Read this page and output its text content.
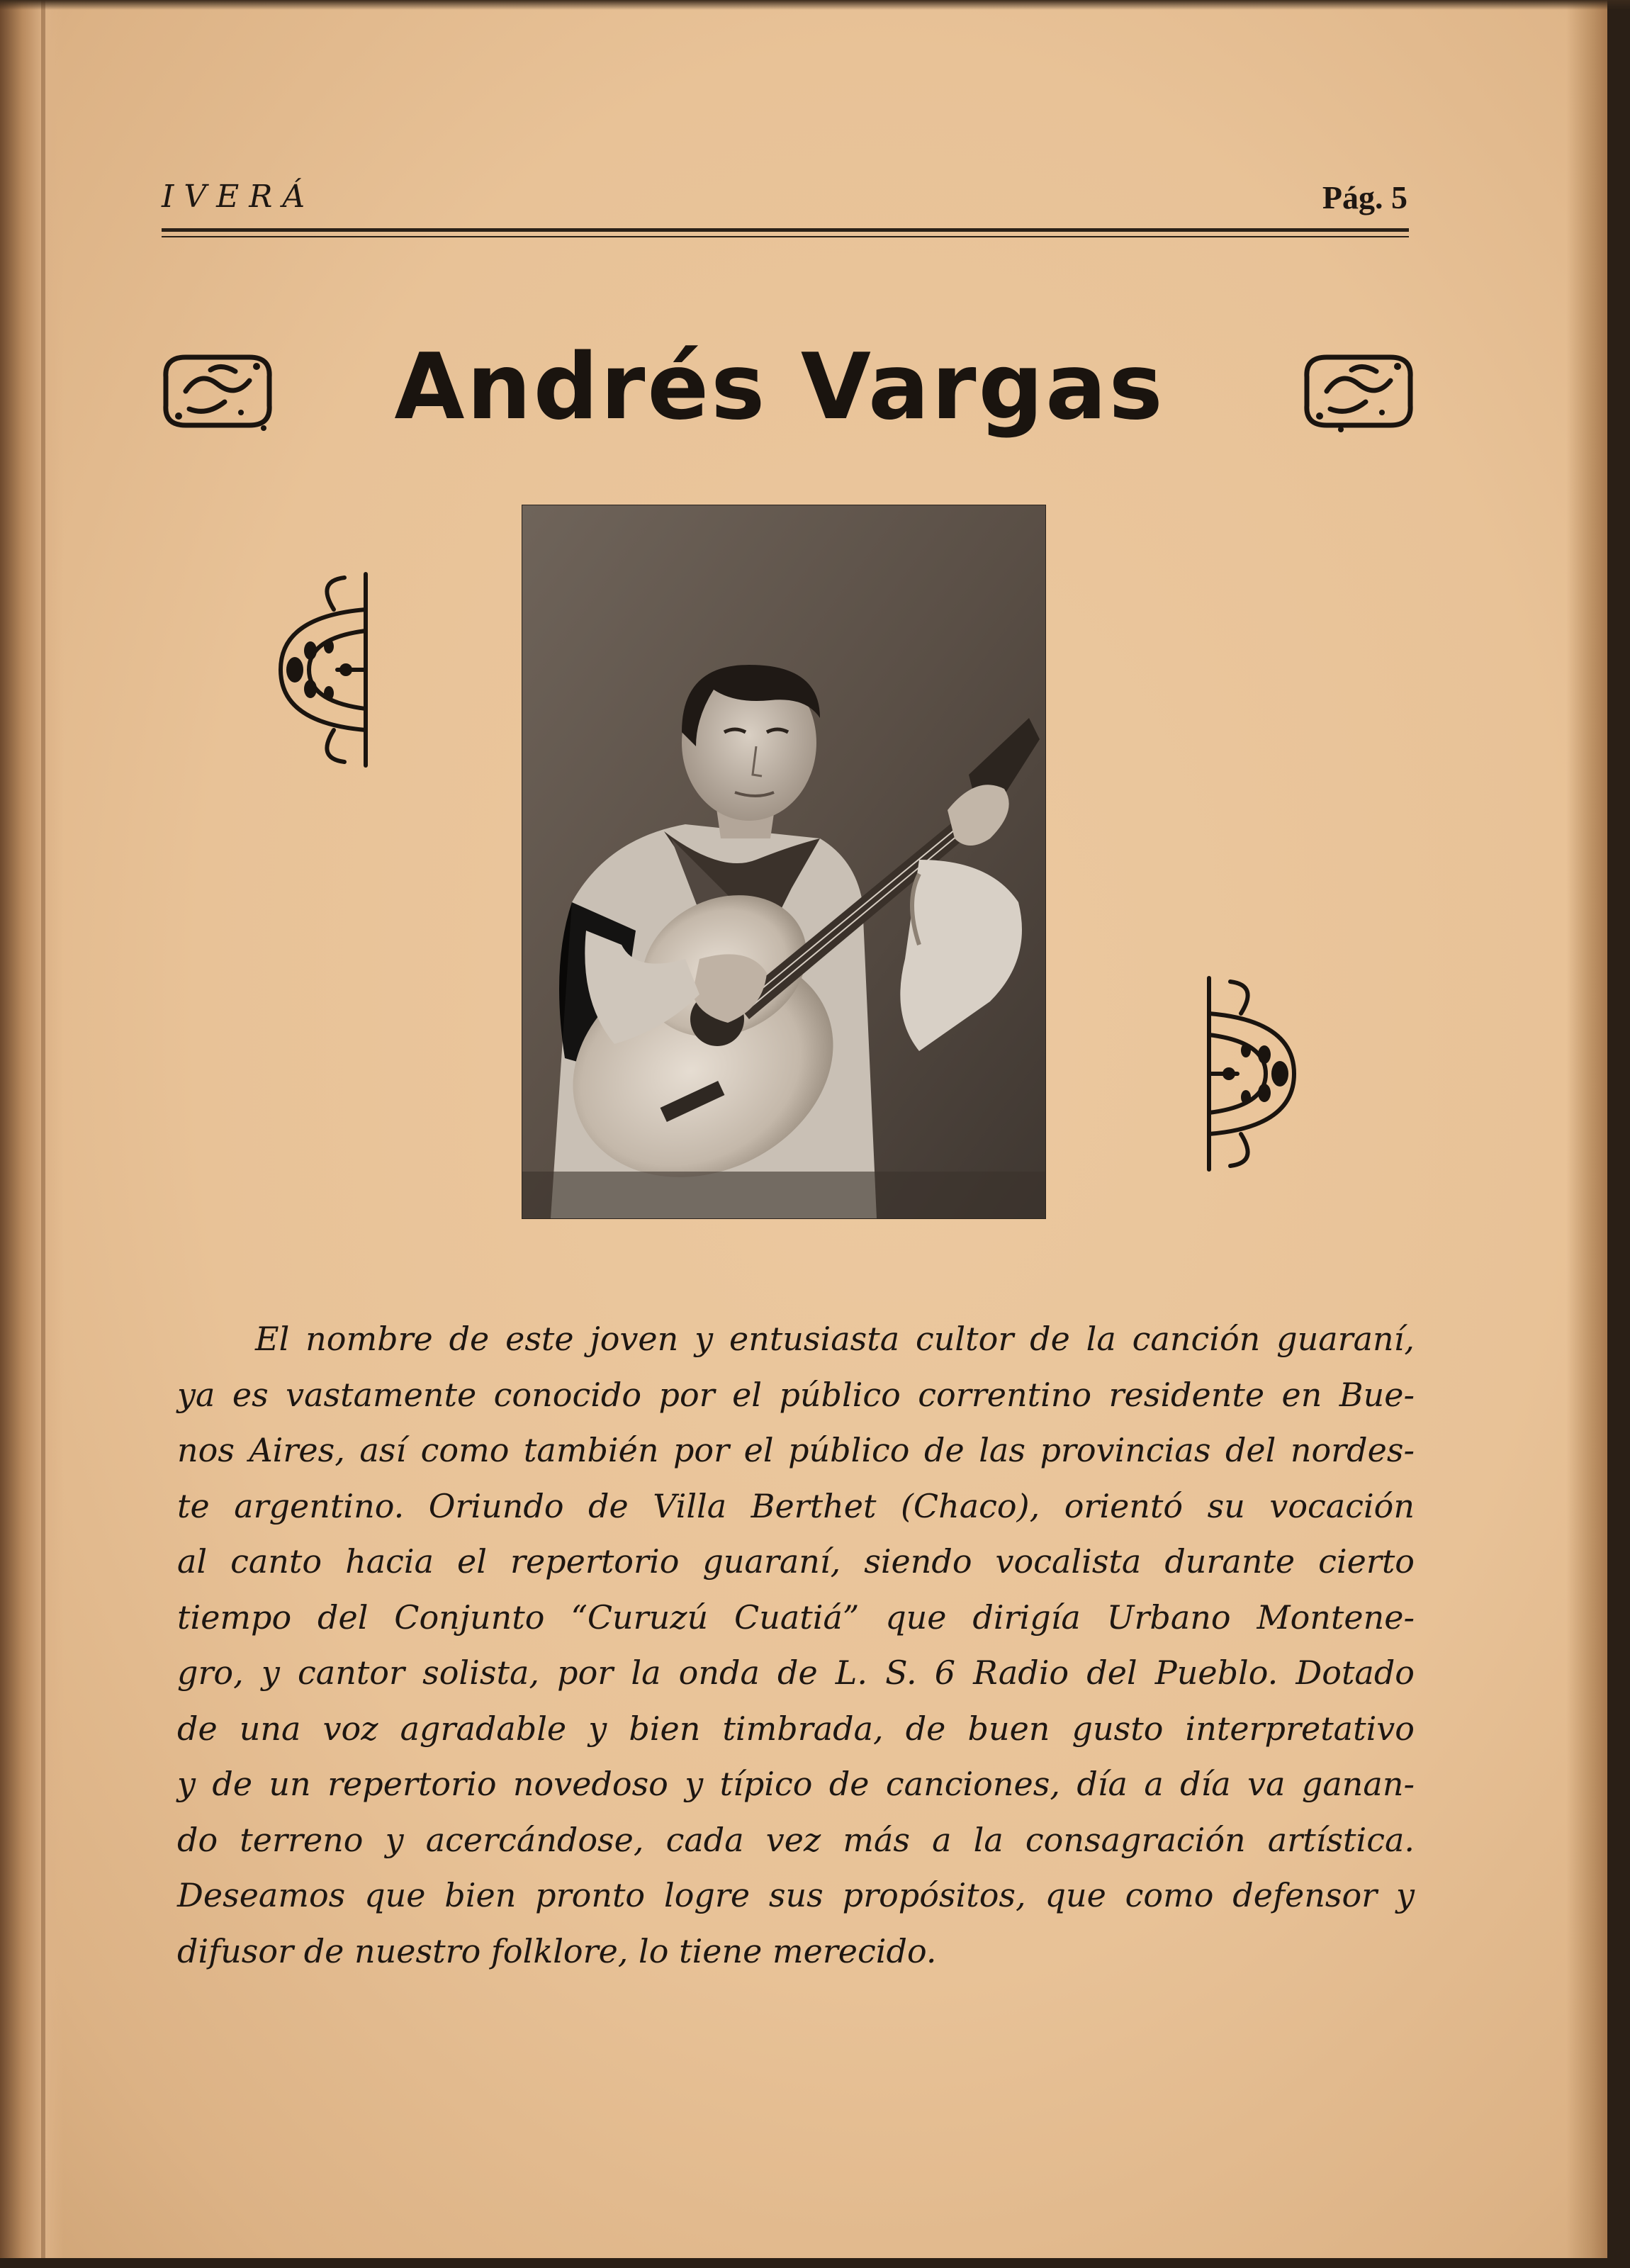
IVERÁ	Pág. 5
Andrés Vargas

El nombre de este joven y entusiasta cultor de la canción guaraní,
ya es vastamente conocido por el público correntino residente en Bue-
nos Aires, así como también por el público de las provincias del nordes-
te argentino. Oriundo de Villa Berthet (Chaco), orientó su vocación
al canto hacia el repertorio guaraní, siendo vocalista durante cierto
tiempo del Conjunto “Curuzú Cuatiá” que dirigía Urbano Montene-
gro, y cantor solista, por la onda de L. S. 6 Radio del Pueblo. Dotado
de una voz agradable y bien timbrada, de buen gusto interpretativo
y de un repertorio novedoso y típico de canciones, día a día va ganan-
do terreno y acercándose, cada vez más a la consagración artística.
Deseamos que bien pronto logre sus propósitos, que como defensor y
difusor de nuestro folklore, lo tiene merecido.
